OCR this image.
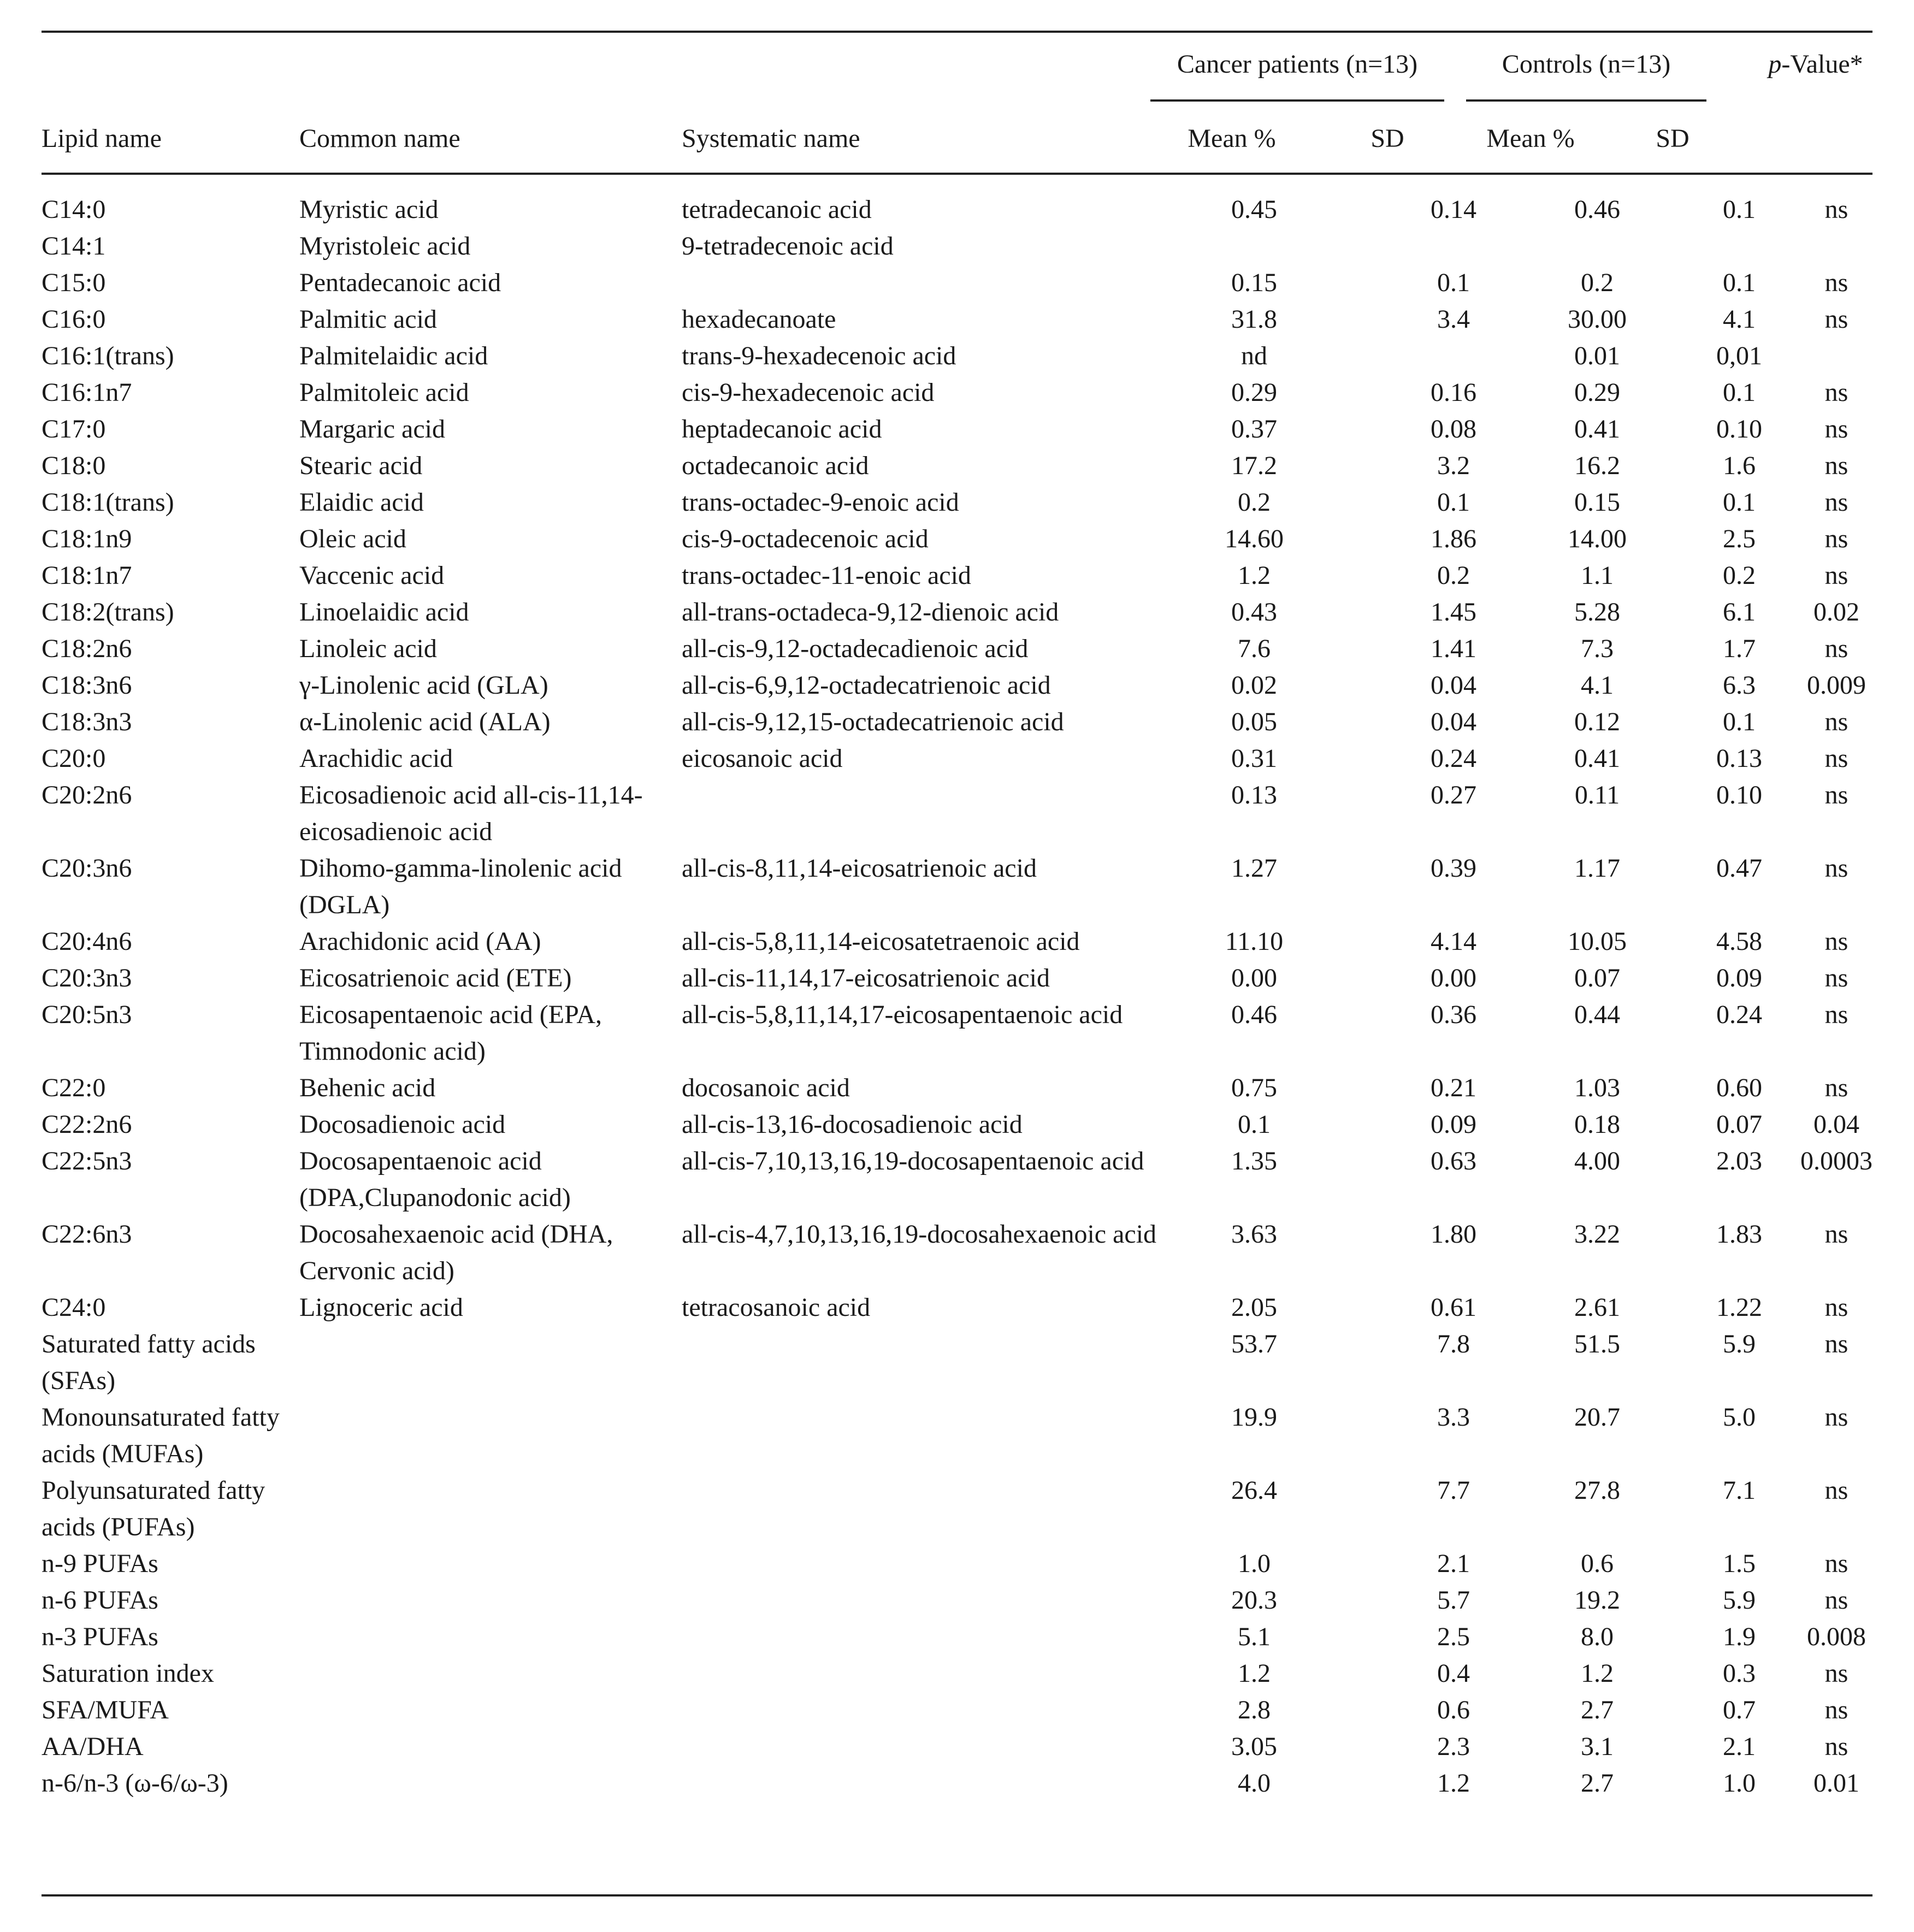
Cancer patients (n=13)	Controls (n=13)	p-Value*
Lipid name	Common name	Systematic name	Mean %	SD	Mean %	SD
C14:0	Myristic acid	tetradecanoic acid	0.45	0.14	0.46	0.1	ns
C14:1	Myristoleic acid	9-tetradecenoic acid					
C15:0	Pentadecanoic acid		0.15	0.1	0.2	0.1	ns
C16:0	Palmitic acid	hexadecanoate	31.8	3.4	30.00	4.1	ns
C16:1(trans)	Palmitelaidic acid	trans-9-hexadecenoic acid	nd		0.01	0,01	
C16:1n7	Palmitoleic acid	cis-9-hexadecenoic acid	0.29	0.16	0.29	0.1	ns
C17:0	Margaric acid	heptadecanoic acid	0.37	0.08	0.41	0.10	ns
C18:0	Stearic acid	octadecanoic acid	17.2	3.2	16.2	1.6	ns
C18:1(trans)	Elaidic acid	trans-octadec-9-enoic acid	0.2	0.1	0.15	0.1	ns
C18:1n9	Oleic acid	cis-9-octadecenoic acid	14.60	1.86	14.00	2.5	ns
C18:1n7	Vaccenic acid	trans-octadec-11-enoic acid	1.2	0.2	1.1	0.2	ns
C18:2(trans)	Linoelaidic acid	all-trans-octadeca-9,12-dienoic acid	0.43	1.45	5.28	6.1	0.02
C18:2n6	Linoleic acid	all-cis-9,12-octadecadienoic acid	7.6	1.41	7.3	1.7	ns
C18:3n6	γ-Linolenic acid (GLA)	all-cis-6,9,12-octadecatrienoic acid	0.02	0.04	4.1	6.3	0.009
C18:3n3	α-Linolenic acid (ALA)	all-cis-9,12,15-octadecatrienoic acid	0.05	0.04	0.12	0.1	ns
C20:0	Arachidic acid	eicosanoic acid	0.31	0.24	0.41	0.13	ns
C20:2n6	Eicosadienoic acid all-cis-11,14-eicosadienoic acid		0.13	0.27	0.11	0.10	ns
C20:3n6	Dihomo-gamma-linolenic acid (DGLA)	all-cis-8,11,14-eicosatrienoic acid	1.27	0.39	1.17	0.47	ns
C20:4n6	Arachidonic acid (AA)	all-cis-5,8,11,14-eicosatetraenoic acid	11.10	4.14	10.05	4.58	ns
C20:3n3	Eicosatrienoic acid (ETE)	all-cis-11,14,17-eicosatrienoic acid	0.00	0.00	0.07	0.09	ns
C20:5n3	Eicosapentaenoic acid (EPA, Timnodonic acid)	all-cis-5,8,11,14,17-eicosapentaenoic acid	0.46	0.36	0.44	0.24	ns
C22:0	Behenic acid	docosanoic acid	0.75	0.21	1.03	0.60	ns
C22:2n6	Docosadienoic acid	all-cis-13,16-docosadienoic acid	0.1	0.09	0.18	0.07	0.04
C22:5n3	Docosapentaenoic acid (DPA,Clupanodonic acid)	all-cis-7,10,13,16,19-docosapentaenoic acid	1.35	0.63	4.00	2.03	0.0003
C22:6n3	Docosahexaenoic acid (DHA, Cervonic acid)	all-cis-4,7,10,13,16,19-docosahexaenoic acid	3.63	1.80	3.22	1.83	ns
C24:0	Lignoceric acid	tetracosanoic acid	2.05	0.61	2.61	1.22	ns
Saturated fatty acids (SFAs)			53.7	7.8	51.5	5.9	ns
Monounsaturated fatty acids (MUFAs)			19.9	3.3	20.7	5.0	ns
Polyunsaturated fatty acids (PUFAs)			26.4	7.7	27.8	7.1	ns
n-9 PUFAs			1.0	2.1	0.6	1.5	ns
n-6 PUFAs			20.3	5.7	19.2	5.9	ns
n-3 PUFAs			5.1	2.5	8.0	1.9	0.008
Saturation index			1.2	0.4	1.2	0.3	ns
SFA/MUFA			2.8	0.6	2.7	0.7	ns
AA/DHA			3.05	2.3	3.1	2.1	ns
n-6/n-3 (ω-6/ω-3)			4.0	1.2	2.7	1.0	0.01
